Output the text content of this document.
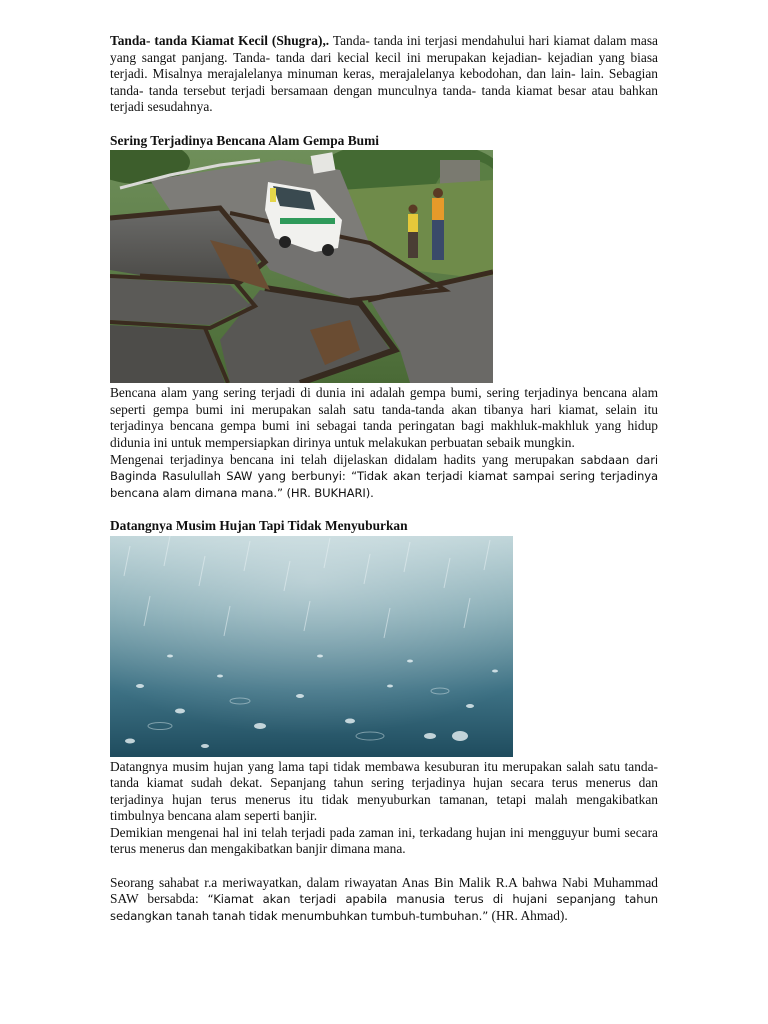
Tanda- tanda Kiamat Kecil (Shugra),. Tanda- tanda ini terjasi mendahului hari kiamat dalam masa yang sangat panjang. Tanda- tanda dari kecial kecil ini merupakan kejadian- kejadian yang biasa terjadi. Misalnya merajalelanya minuman keras, merajalelanya kebodohan, dan lain- lain. Sebagian tanda- tanda tersebut terjadi bersamaan dengan munculnya tanda- tanda kiamat besar atau bahkan terjadi sesudahnya.

Sering Terjadinya Bencana Alam Gempa Bumi

Bencana alam yang sering terjadi di dunia ini adalah gempa bumi, sering terjadinya bencana alam seperti gempa bumi ini merupakan salah satu tanda-tanda akan tibanya hari kiamat, selain itu terjadinya bencana gempa bumi ini sebagai tanda peringatan bagi makhluk-makhluk yang hidup didunia ini untuk mempersiapkan dirinya untuk melakukan perbuatan sebaik mungkin.

Mengenai terjadinya bencana ini telah dijelaskan didalam hadits yang merupakan sabdaan dari Baginda Rasulullah SAW yang berbunyi: “Tidak akan terjadi kiamat sampai sering terjadinya bencana alam dimana mana.” (HR. BUKHARI).

Datangnya Musim Hujan Tapi Tidak Menyuburkan

Datangnya musim hujan yang lama tapi tidak membawa kesuburan itu merupakan salah satu tanda-tanda kiamat sudah dekat. Sepanjang tahun sering terjadinya hujan secara terus menerus dan terjadinya hujan terus menerus itu tidak menyuburkan tamanan, tetapi malah mengakibatkan timbulnya bencana alam seperti banjir.

Demikian mengenai hal ini telah terjadi pada zaman ini, terkadang hujan ini mengguyur bumi secara terus menerus dan mengakibatkan banjir dimana mana.

Seorang sahabat r.a meriwayatkan, dalam riwayatan Anas Bin Malik R.A bahwa Nabi Muhammad SAW bersabda: “Kiamat akan terjadi apabila manusia terus di hujani sepanjang tahun sedangkan tanah tanah tidak menumbuhkan tumbuh-tumbuhan.” (HR. Ahmad).
